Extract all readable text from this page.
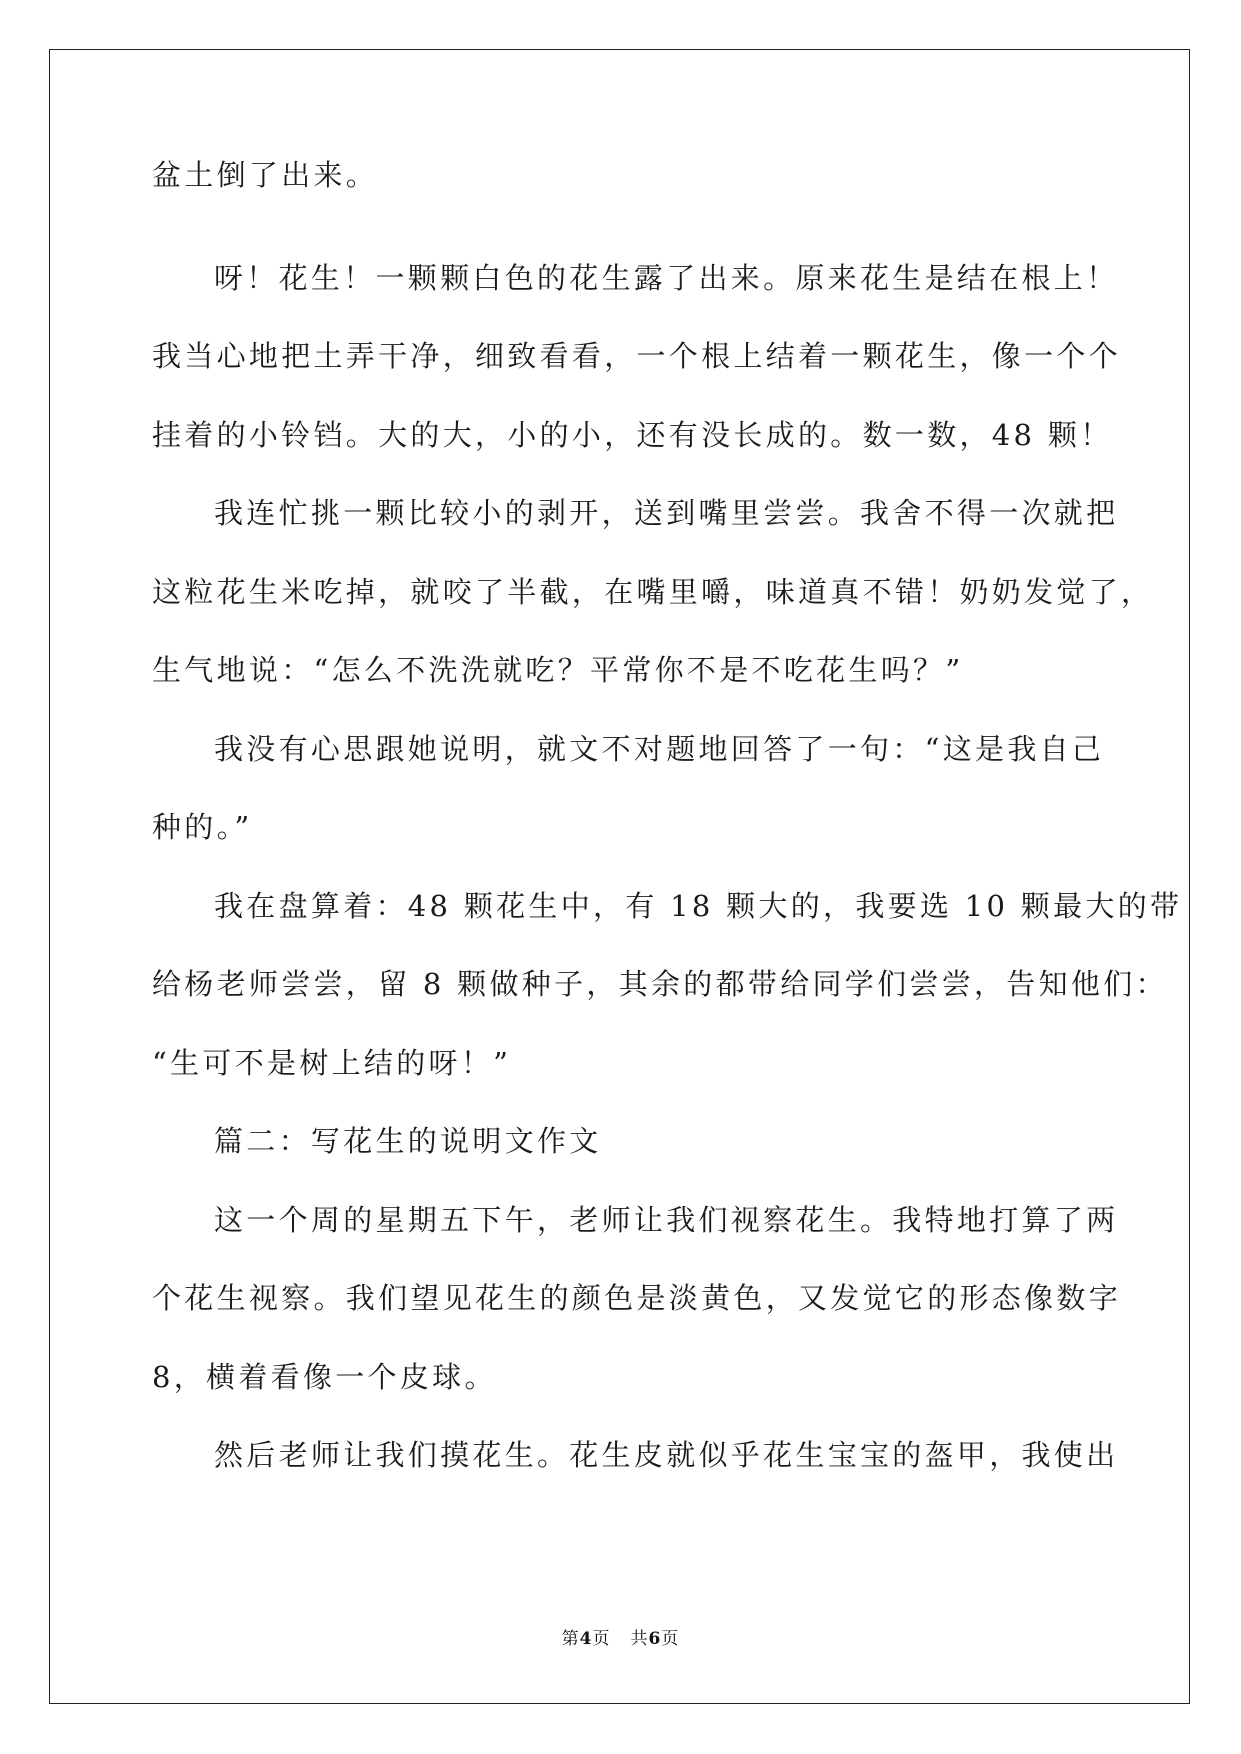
盆土倒了出来。
呀！花生！一颗颗白色的花生露了出来。原来花生是结在根上！
我当心地把土弄干净，细致看看，一个根上结着一颗花生，像一个个
挂着的小铃铛。大的大，小的小，还有没长成的。数一数，48 颗！
我连忙挑一颗比较小的剥开，送到嘴里尝尝。我舍不得一次就把
这粒花生米吃掉，就咬了半截，在嘴里嚼，味道真不错！奶奶发觉了，
生气地说：“怎么不洗洗就吃？平常你不是不吃花生吗？”
我没有心思跟她说明，就文不对题地回答了一句：“这是我自己
种的。”
我在盘算着：48 颗花生中，有 18 颗大的，我要选 10 颗最大的带
给杨老师尝尝，留 8 颗做种子，其余的都带给同学们尝尝，告知他们：
“生可不是树上结的呀！”
篇二：写花生的说明文作文
这一个周的星期五下午，老师让我们视察花生。我特地打算了两
个花生视察。我们望见花生的颜色是淡黄色，又发觉它的形态像数字
8，横着看像一个皮球。
然后老师让我们摸花生。花生皮就似乎花生宝宝的盔甲，我使出
第4页 共6页
